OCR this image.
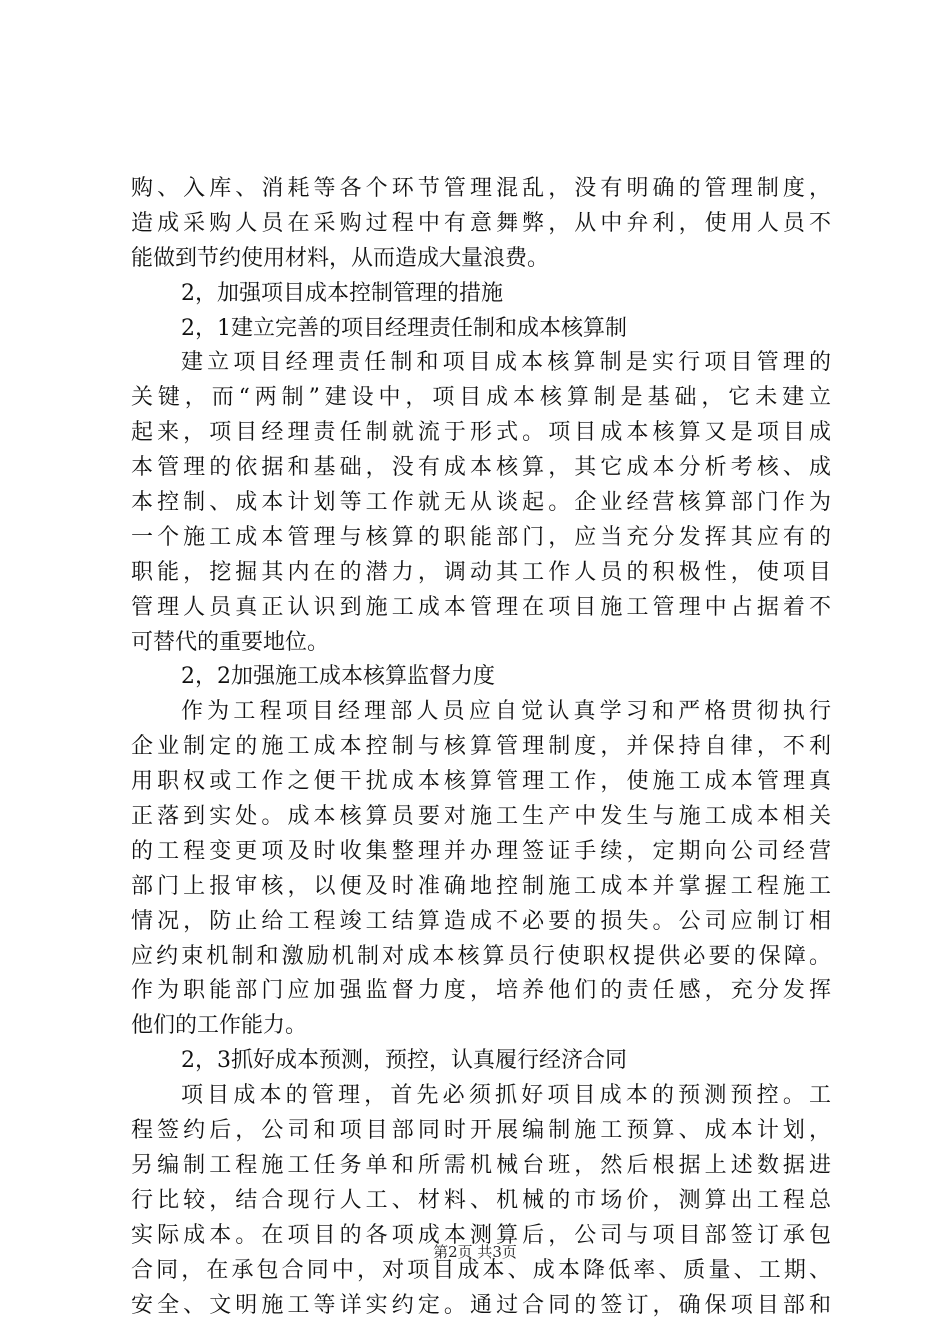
购、入库、消耗等各个环节管理混乱，没有明确的管理制度，
造成采购人员在采购过程中有意舞弊，从中弁利，使用人员不
能做到节约使用材料，从而造成大量浪费。
2，加强项目成本控制管理的措施
2，1建立完善的项目经理责任制和成本核算制
建立项目经理责任制和项目成本核算制是实行项目管理的
关键，而“两制”建设中，项目成本核算制是基础，它未建立
起来，项目经理责任制就流于形式。项目成本核算又是项目成
本管理的依据和基础，没有成本核算，其它成本分析考核、成
本控制、成本计划等工作就无从谈起。企业经营核算部门作为
一个施工成本管理与核算的职能部门，应当充分发挥其应有的
职能，挖掘其内在的潜力，调动其工作人员的积极性，使项目
管理人员真正认识到施工成本管理在项目施工管理中占据着不
可替代的重要地位。
2，2加强施工成本核算监督力度
作为工程项目经理部人员应自觉认真学习和严格贯彻执行
企业制定的施工成本控制与核算管理制度，并保持自律，不利
用职权或工作之便干扰成本核算管理工作，使施工成本管理真
正落到实处。成本核算员要对施工生产中发生与施工成本相关
的工程变更项及时收集整理并办理签证手续，定期向公司经营
部门上报审核，以便及时准确地控制施工成本并掌握工程施工
情况，防止给工程竣工结算造成不必要的损失。公司应制订相
应约束机制和激励机制对成本核算员行使职权提供必要的保障。
作为职能部门应加强监督力度，培养他们的责任感，充分发挥
他们的工作能力。
2，3抓好成本预测，预控，认真履行经济合同
项目成本的管理，首先必须抓好项目成本的预测预控。工
程签约后，公司和项目部同时开展编制施工预算、成本计划，
另编制工程施工任务单和所需机械台班，然后根据上述数据进
行比较，结合现行人工、材料、机械的市场价，测算出工程总
实际成本。在项目的各项成本测算后，公司与项目部签订承包
合同，在承包合同中，对项目成本、成本降低率、质量、工期、
安全、文明施工等详实约定。通过合同的签订，确保项目部和
第2页 共3页
